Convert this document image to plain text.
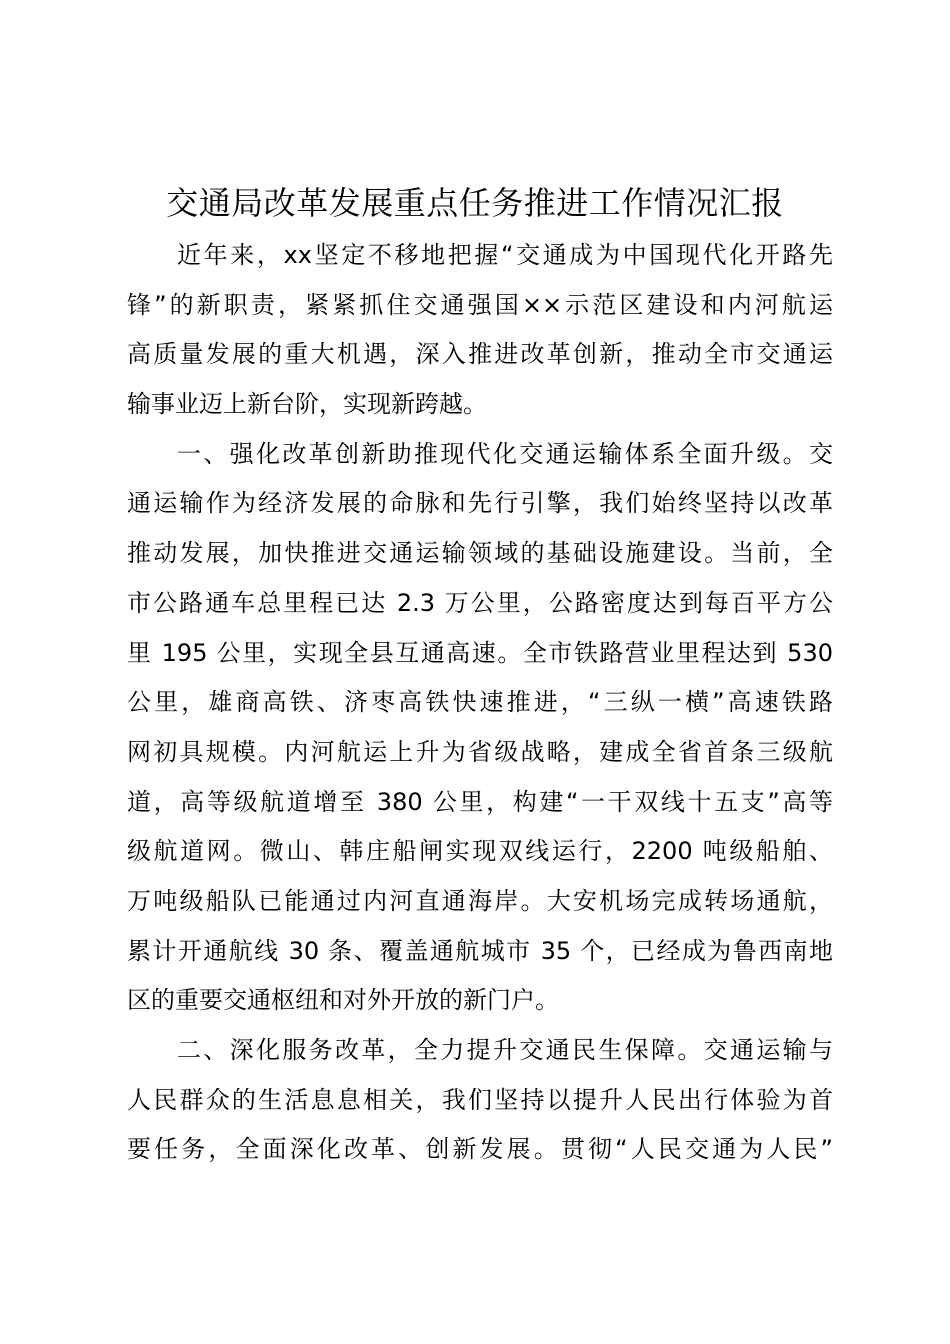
交通局改革发展重点任务推进工作情况汇报
近年来，xx坚定不移地把握“交通成为中国现代化开路先
锋”的新职责，紧紧抓住交通强国××示范区建设和内河航运
高质量发展的重大机遇，深入推进改革创新，推动全市交通运
输事业迈上新台阶，实现新跨越。
一、强化改革创新助推现代化交通运输体系全面升级。交
通运输作为经济发展的命脉和先行引擎，我们始终坚持以改革
推动发展，加快推进交通运输领域的基础设施建设。当前，全
市公路通车总里程已达 2.3 万公里，公路密度达到每百平方公
里 195 公里，实现全县互通高速。全市铁路营业里程达到 530
公里，雄商高铁、济枣高铁快速推进，“三纵一横”高速铁路
网初具规模。内河航运上升为省级战略，建成全省首条三级航
道，高等级航道增至 380 公里，构建“一干双线十五支”高等
级航道网。微山、韩庄船闸实现双线运行，2200 吨级船舶、
万吨级船队已能通过内河直通海岸。大安机场完成转场通航，
累计开通航线 30 条、覆盖通航城市 35 个，已经成为鲁西南地
区的重要交通枢纽和对外开放的新门户。
二、深化服务改革，全力提升交通民生保障。交通运输与
人民群众的生活息息相关，我们坚持以提升人民出行体验为首
要任务，全面深化改革、创新发展。贯彻“人民交通为人民”
